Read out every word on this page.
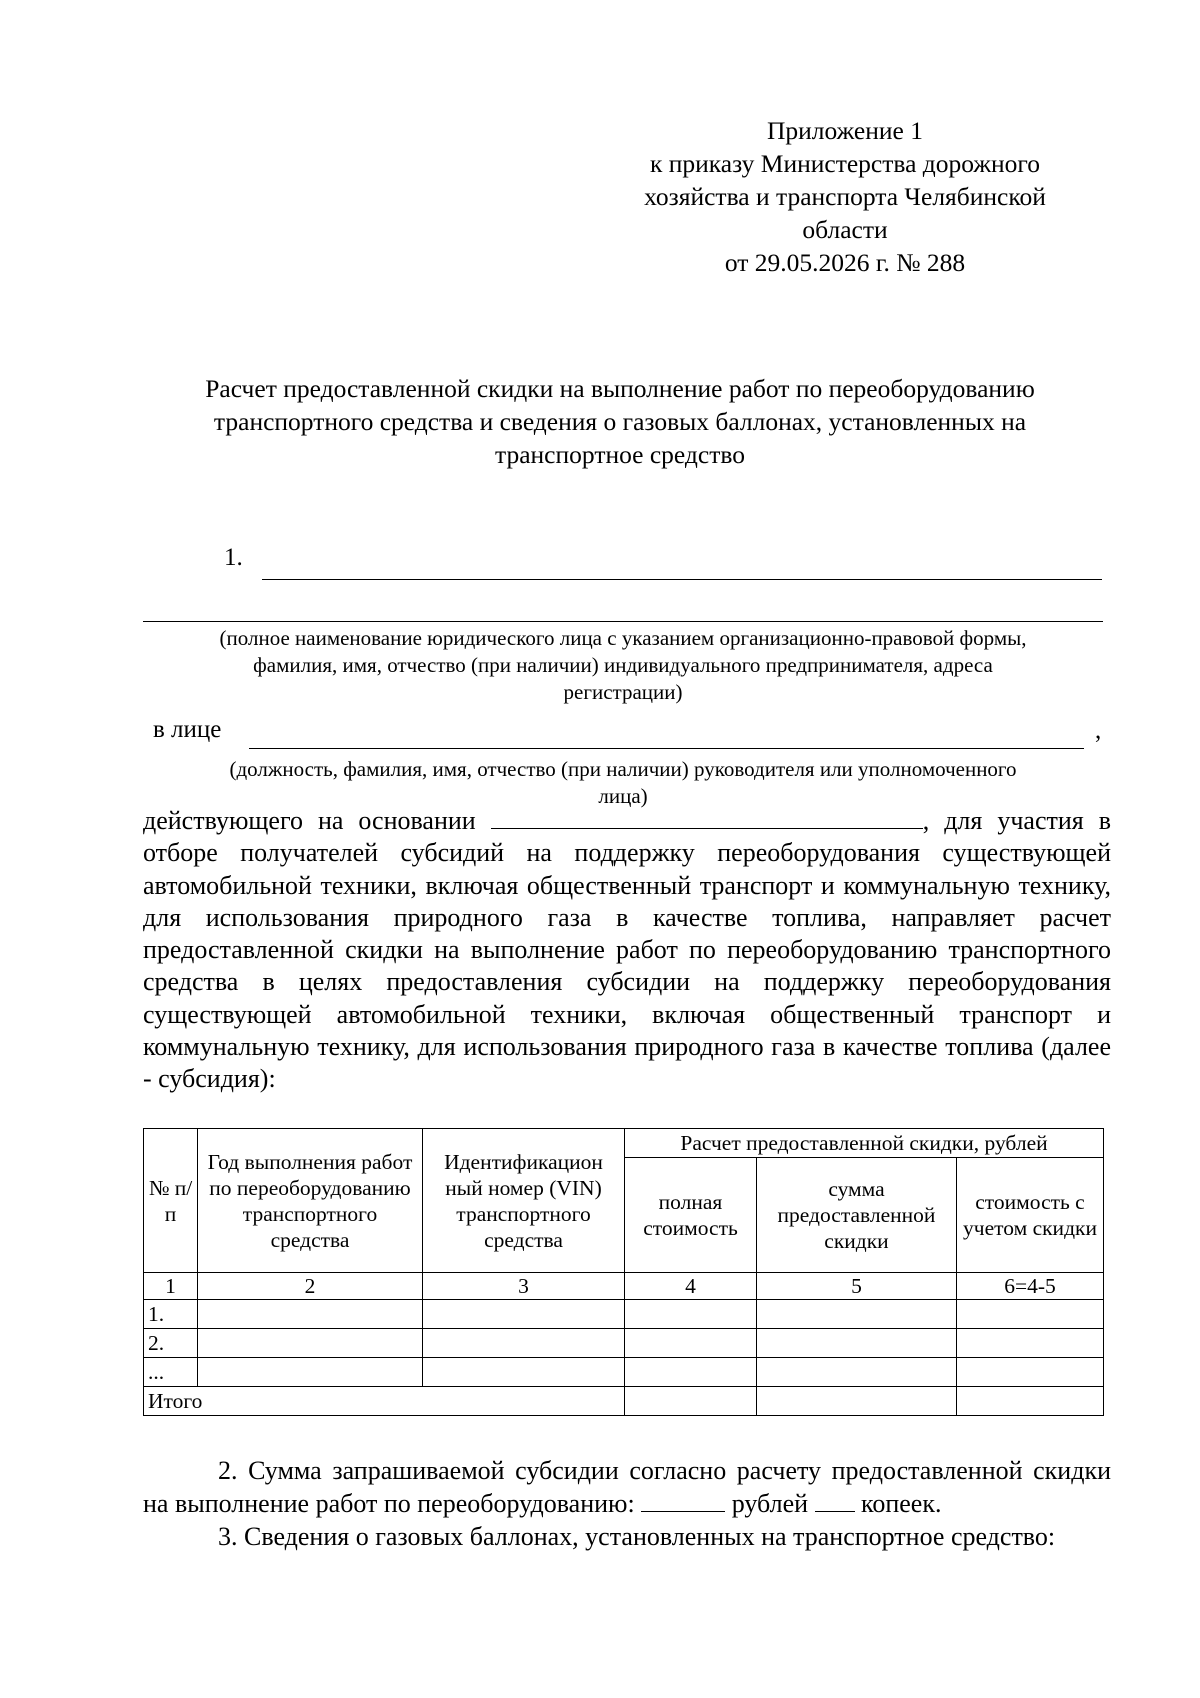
Приложение 1
к приказу Министерства дорожного
хозяйства и транспорта Челябинской
области
от 29.05.2026 г. № 288
Расчет предоставленной скидки на выполнение работ по переоборудованию
транспортного средства и сведения о газовых баллонах, установленных на
транспортное средство
1.
(полное наименование юридического лица с указанием организационно-правовой формы,
фамилия, имя, отчество (при наличии) индивидуального предпринимателя, адреса
регистрации)
в лице	,
(должность, фамилия, имя, отчество (при наличии) руководителя или уполномоченного
лица)
действующего на основании	, для участия в отборе получателей субсидий на поддержку переоборудования существующей автомобильной техники, включая общественный транспорт и коммунальную технику, для использования природного газа в качестве топлива, направляет расчет предоставленной скидки на выполнение работ по переоборудованию транспортного средства в целях предоставления субсидии на поддержку переоборудования существующей автомобильной техники, включая общественный транспорт и коммунальную технику, для использования природного газа в качестве топлива (далее - субсидия):
№ п/п	Год выполнения работ по переоборудованию транспортного средства	Идентификацион ный номер (VIN) транспортного средства	Расчет предоставленной скидки, рублей		
			полная стоимость	сумма предоставленной скидки	стоимость с учетом скидки
1	2	3	4	5	6=4-5
1.					
2.					
...					
Итого					
2. Сумма запрашиваемой субсидии согласно расчету предоставленной скидки на выполнение работ по переоборудованию:	рублей копеек.
3. Сведения о газовых баллонах, установленных на транспортное средство:
